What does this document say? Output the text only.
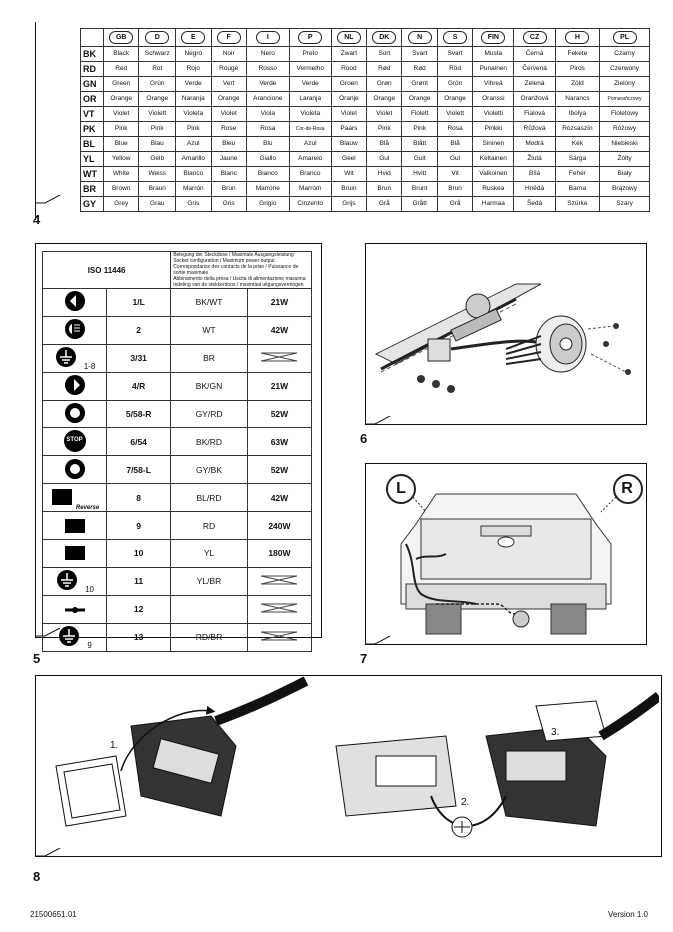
4
	GB	D	E	F	I	P	NL	DK	N	S	FIN	CZ	H	PL
BK	Black	Schwarz	Negro	Noir	Nero	Preto	Zwart	Sort	Svart	Svart	Musta	Černá	Fekete	Czarny
RD	Red	Rot	Rojo	Rouge	Rosso	Vermelho	Rood	Rød	Rød	Röd	Punainen	Červená	Piros	Czerwony
GN	Green	Grün	Verde	Vert	Verde	Verde	Groen	Grøn	Grønt	Grön	Vihreä	Zelená	Zöld	Zielony
OR	Orange	Orange	Naranja	Orange	Arancione	Laranja	Oranje	Orange	Orange	Orange	Oranssi	Oranžová	Narancs	Pomarańczowy
VT	Violet	Violett	Violeta	Violet	Viola	Violeta	Violet	Violet	Fiolett	Violett	Violetti	Fialová	Ibolya	Fioletowy
PK	Pink	Pink	Pink	Rose	Rosa	Cor-de-Rosa	Paars	Pink	Pink	Rosa	Pinkki	Růžová	Rózsaszín	Różowy
BL	Blue	Blau	Azul	Bleu	Blu	Azul	Blauw	Blå	Blått	Blå	Sininen	Modrá	Kék	Niebieski
YL	Yellow	Gelb	Amarillo	Jaune	Giallo	Amarelo	Geel	Gul	Gult	Gul	Keltainen	Žlutá	Sárga	Żółty
WT	White	Weiss	Blanco	Blanc	Bianco	Branco	Wit	Hvid	Hvitt	Vit	Valkoinen	Bílá	Fehér	Biały
BR	Brown	Braun	Marrón	Brun	Marrone	Marrom	Bruin	Brun	Brunt	Brun	Ruskea	Hnědá	Barna	Brązowy
GY	Grey	Grau	Gris	Gris	Grigio	Cinzento	Grijs	Grå	Grått	Grå	Harmaa	Šedá	Szürke	Szary
5
ISO 11446		Belegung der Steckdose / Maximale Ausgangsleistung
Socket configuration / Maximum power output
Correspondance des contacts de la prise / Puissance de sortie maximale
Abbinamento della presa / Uscita di alimentazione massima
Indeling van de stekkerdoos / maximaal uitgangsvermogen	

	1/L	BK/WT	21W
	2	WT	42W
1-8	3/31	BR	
	4/R	BK/GN	21W
	5/58-R	GY/RD	52W

STOP	6/54	BK/RD	63W
	7/58-L	GY/BK	52W
Reverse	8	BL/RD	42W
	9	RD	240W
	10	YL	180W
10	11	YL/BR	
	12		
9	13	RD/BR	
6
7
L	R
8
1.
2.
3.
21500651.01	Version 1.0
